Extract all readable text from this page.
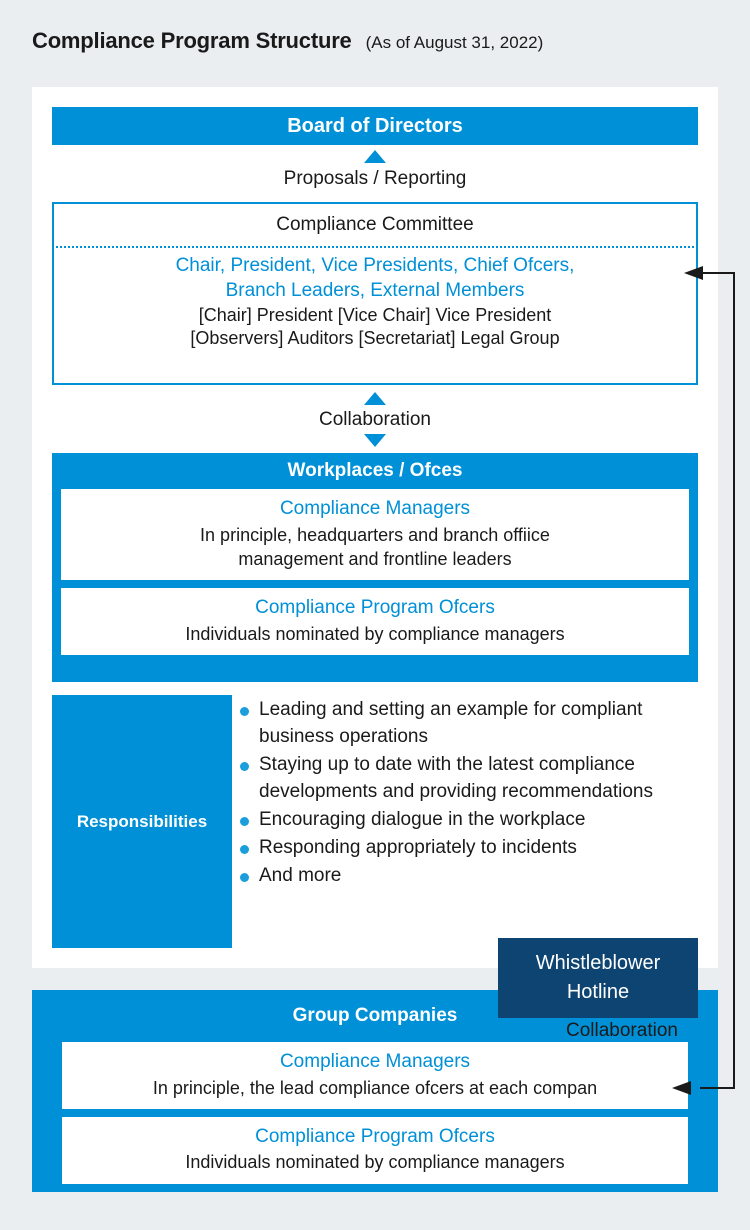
Compliance Program Structure (As of August 31, 2022)
Board of Directors
Proposals / Reporting
Compliance Committee
Chair, President, Vice Presidents, Chief Ofcers,
Branch Leaders, External Members
[Chair] President [Vice Chair] Vice President
[Observers] Auditors [Secretariat] Legal Group
Collaboration
Workplaces / Ofces
Compliance Managers
In principle, headquarters and branch offiice
management and frontline leaders
Compliance Program Ofcers
Individuals nominated by compliance managers
Responsibilities
Leading and setting an example for compliant business operations
Staying up to date with the latest compliance developments and providing recommendations
Encouraging dialogue in the workplace
Responding appropriately to incidents
And more
Group Companies
Compliance Managers
In principle, the lead compliance ofcers at each compan
Compliance Program Ofcers
Individuals nominated by compliance managers
Whistleblower
Hotline
Collaboration
